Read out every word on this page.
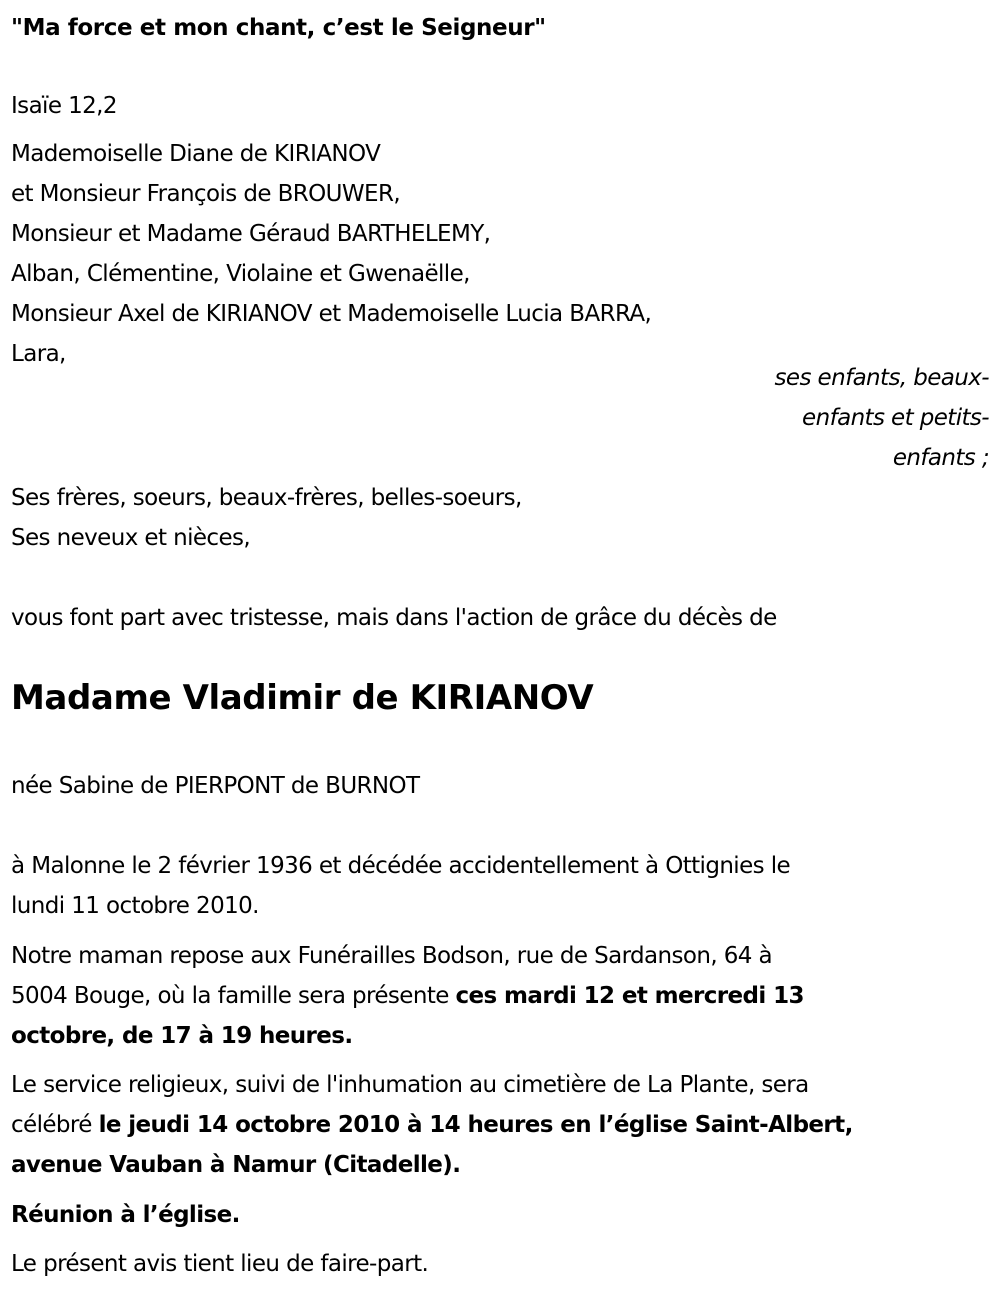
"Ma force et mon chant, c’est le Seigneur"
Isaïe 12,2
Mademoiselle Diane de KIRIANOV
et Monsieur François de BROUWER,
Monsieur et Madame Géraud BARTHELEMY,
Alban, Clémentine, Violaine et Gwenaëlle,
Monsieur Axel de KIRIANOV et Mademoiselle Lucia BARRA,
Lara,
ses enfants, beaux-
enfants et petits-
enfants ;
Ses frères, soeurs, beaux-frères, belles-soeurs,
Ses neveux et nièces,
vous font part avec tristesse, mais dans l'action de grâce du décès de
Madame Vladimir de KIRIANOV
née Sabine de PIERPONT de BURNOT
à Malonne le 2 février 1936 et décédée accidentellement à Ottignies le
lundi 11 octobre 2010.
Notre maman repose aux Funérailles Bodson, rue de Sardanson, 64 à
5004 Bouge, où la famille sera présente ces mardi 12 et mercredi 13
octobre, de 17 à 19 heures.
Le service religieux, suivi de l'inhumation au cimetière de La Plante, sera
célébré le jeudi 14 octobre 2010 à 14 heures en l’église Saint-Albert,
avenue Vauban à Namur (Citadelle).
Réunion à l’église.
Le présent avis tient lieu de faire-part.
